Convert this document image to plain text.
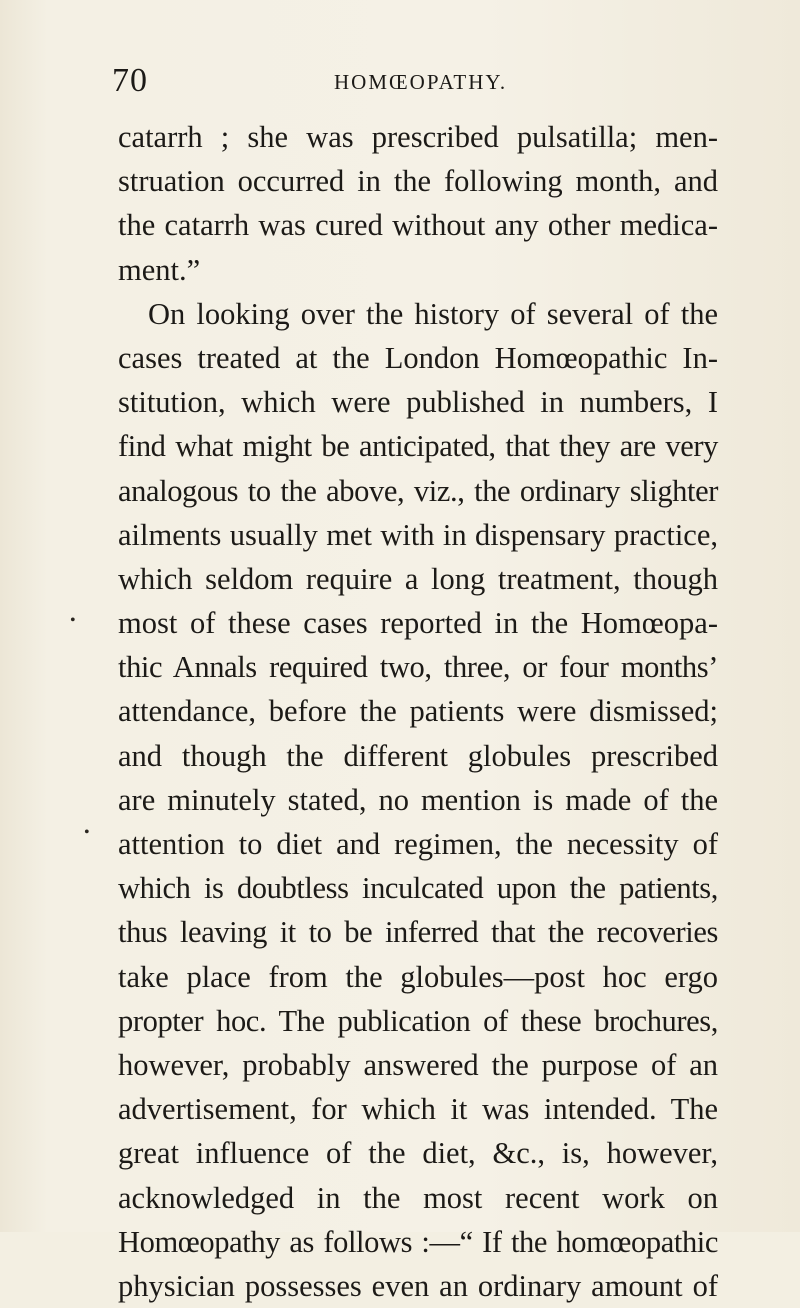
70	HOMŒOPATHY.
•
•
catarrh ; she was prescribed pulsatilla; men-
struation occurred in the following month, and
the catarrh was cured without any other medica-
ment.”
On looking over the history of several of the
cases treated at the London Homœopathic In-
stitution, which were published in numbers, I
find what might be anticipated, that they are very
analogous to the above, viz., the ordinary slighter
ailments usually met with in dispensary practice,
which seldom require a long treatment, though
most of these cases reported in the Homœopa-
thic Annals required two, three, or four months’
attendance, before the patients were dismissed;
and though the different globules prescribed
are minutely stated, no mention is made of the
attention to diet and regimen, the necessity of
which is doubtless inculcated upon the patients,
thus leaving it to be inferred that the recoveries
take place from the globules—post hoc ergo
propter hoc. The publication of these brochures,
however, probably answered the purpose of an
advertisement, for which it was intended. The
great influence of the diet, &c., is, however,
acknowledged in the most recent work on
Homœopathy as follows :—“ If the homœopathic
physician possesses even an ordinary amount of
